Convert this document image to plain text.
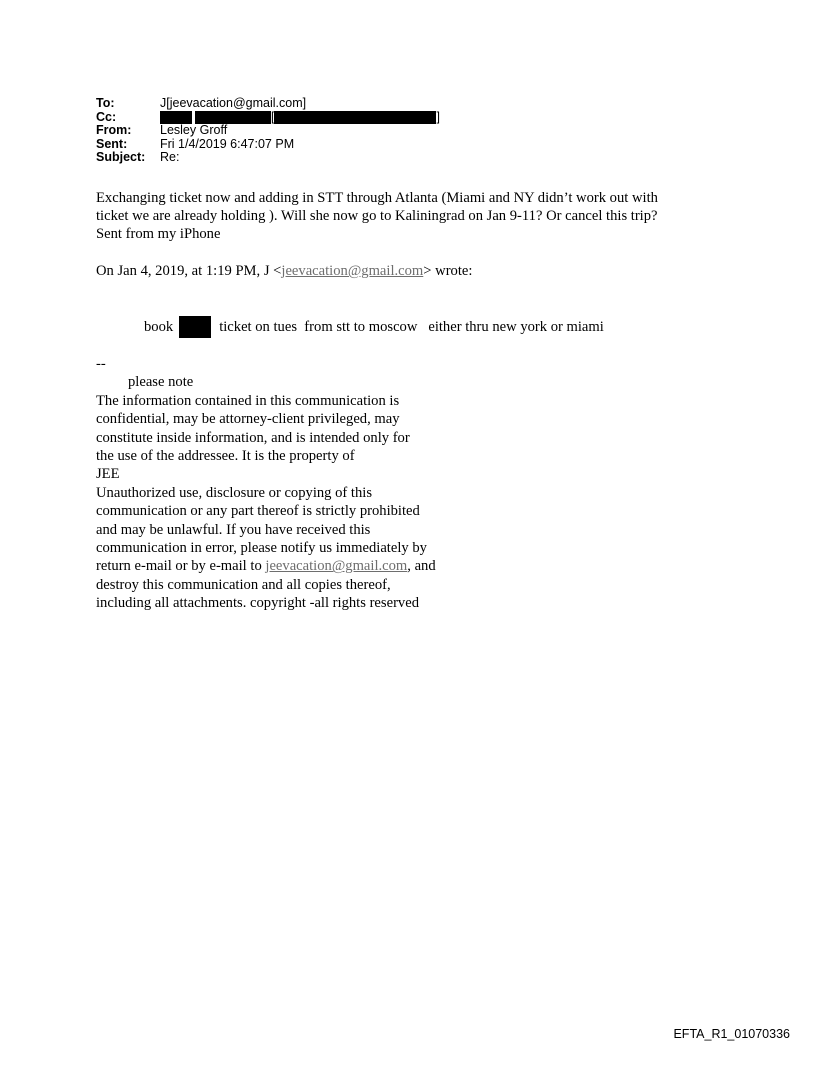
To:	J[jeevacation@gmail.com]
Cc:	[	]
From:	Lesley Groff
Sent:	Fri 1/4/2019 6:47:07 PM
Subject:	Re:
Exchanging ticket now and adding in STT through Atlanta (Miami and NY didn’t work out with
ticket we are already holding ). Will she now go to Kaliningrad on Jan 9-11? Or cancel this trip?
Sent from my iPhone
On Jan 4, 2019, at 1:19 PM, J <jeevacation@gmail.com> wrote:
book	ticket on tues  from stt to moscow   either thru new york or miami
--
please note
The information contained in this communication is
confidential, may be attorney-client privileged, may
constitute inside information, and is intended only for
the use of the addressee. It is the property of
JEE
Unauthorized use, disclosure or copying of this
communication or any part thereof is strictly prohibited
and may be unlawful. If you have received this
communication in error, please notify us immediately by
return e-mail or by e-mail to jeevacation@gmail.com, and
destroy this communication and all copies thereof,
including all attachments. copyright -all rights reserved
EFTA_R1_01070336
